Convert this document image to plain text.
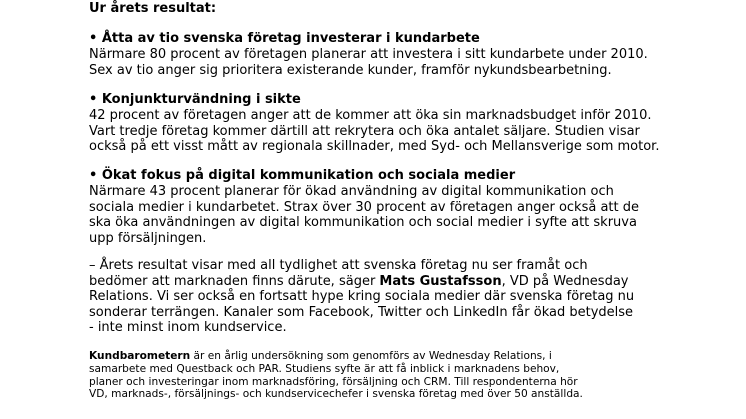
Ur årets resultat:
• Åtta av tio svenska företag investerar i kundarbete
Närmare 80 procent av företagen planerar att investera i sitt kundarbete under 2010.
Sex av tio anger sig prioritera existerande kunder, framför nykundsbearbetning.
• Konjunkturvändning i sikte
42 procent av företagen anger att de kommer att öka sin marknadsbudget inför 2010.
Vart tredje företag kommer därtill att rekrytera och öka antalet säljare. Studien visar
också på ett visst mått av regionala skillnader, med Syd- och Mellansverige som motor.
• Ökat fokus på digital kommunikation och sociala medier
Närmare 43 procent planerar för ökad användning av digital kommunikation och
sociala medier i kundarbetet. Strax över 30 procent av företagen anger också att de
ska öka användningen av digital kommunikation och social medier i syfte att skruva
upp försäljningen.
– Årets resultat visar med all tydlighet att svenska företag nu ser framåt och
bedömer att marknaden finns därute, säger Mats Gustafsson, VD på Wednesday
Relations. Vi ser också en fortsatt hype kring sociala medier där svenska företag nu
sonderar terrängen. Kanaler som Facebook, Twitter och LinkedIn får ökad betydelse
- inte minst inom kundservice.
Kundbarometern är en årlig undersökning som genomförs av Wednesday Relations, i
samarbete med Questback och PAR. Studiens syfte är att få inblick i marknadens behov,
planer och investeringar inom marknadsföring, försäljning och CRM. Till respondenterna hör
VD, marknads-, försäljnings- och kundservicechefer i svenska företag med över 50 anställda.
